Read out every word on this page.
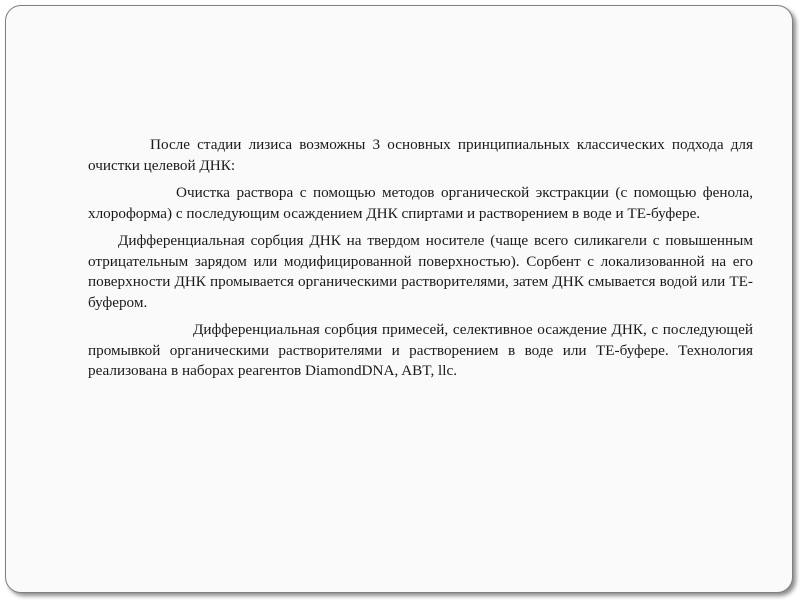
После стадии лизиса возможны 3 основных принципиальных классических подхода для очистки целевой ДНК:

Очистка раствора с помощью методов органической экстракции (с помощью фенола, хлороформа) с последующим осаждением ДНК спиртами и растворением в воде и TE-буфере.

Дифференциальная сорбция ДНК на твердом носителе (чаще всего силикагели с повышенным отрицательным зарядом или модифицированной поверхностью). Сорбент с локализованной на его поверхности ДНК промывается органическими растворителями, затем ДНК смывается водой или TE-буфером.

Дифференциальная сорбция примесей, селективное осаждение ДНК, с последующей промывкой органическими растворителями и растворением в воде или TE-буфере. Технология реализована в наборах реагентов DiamondDNA, ABT, llc.
